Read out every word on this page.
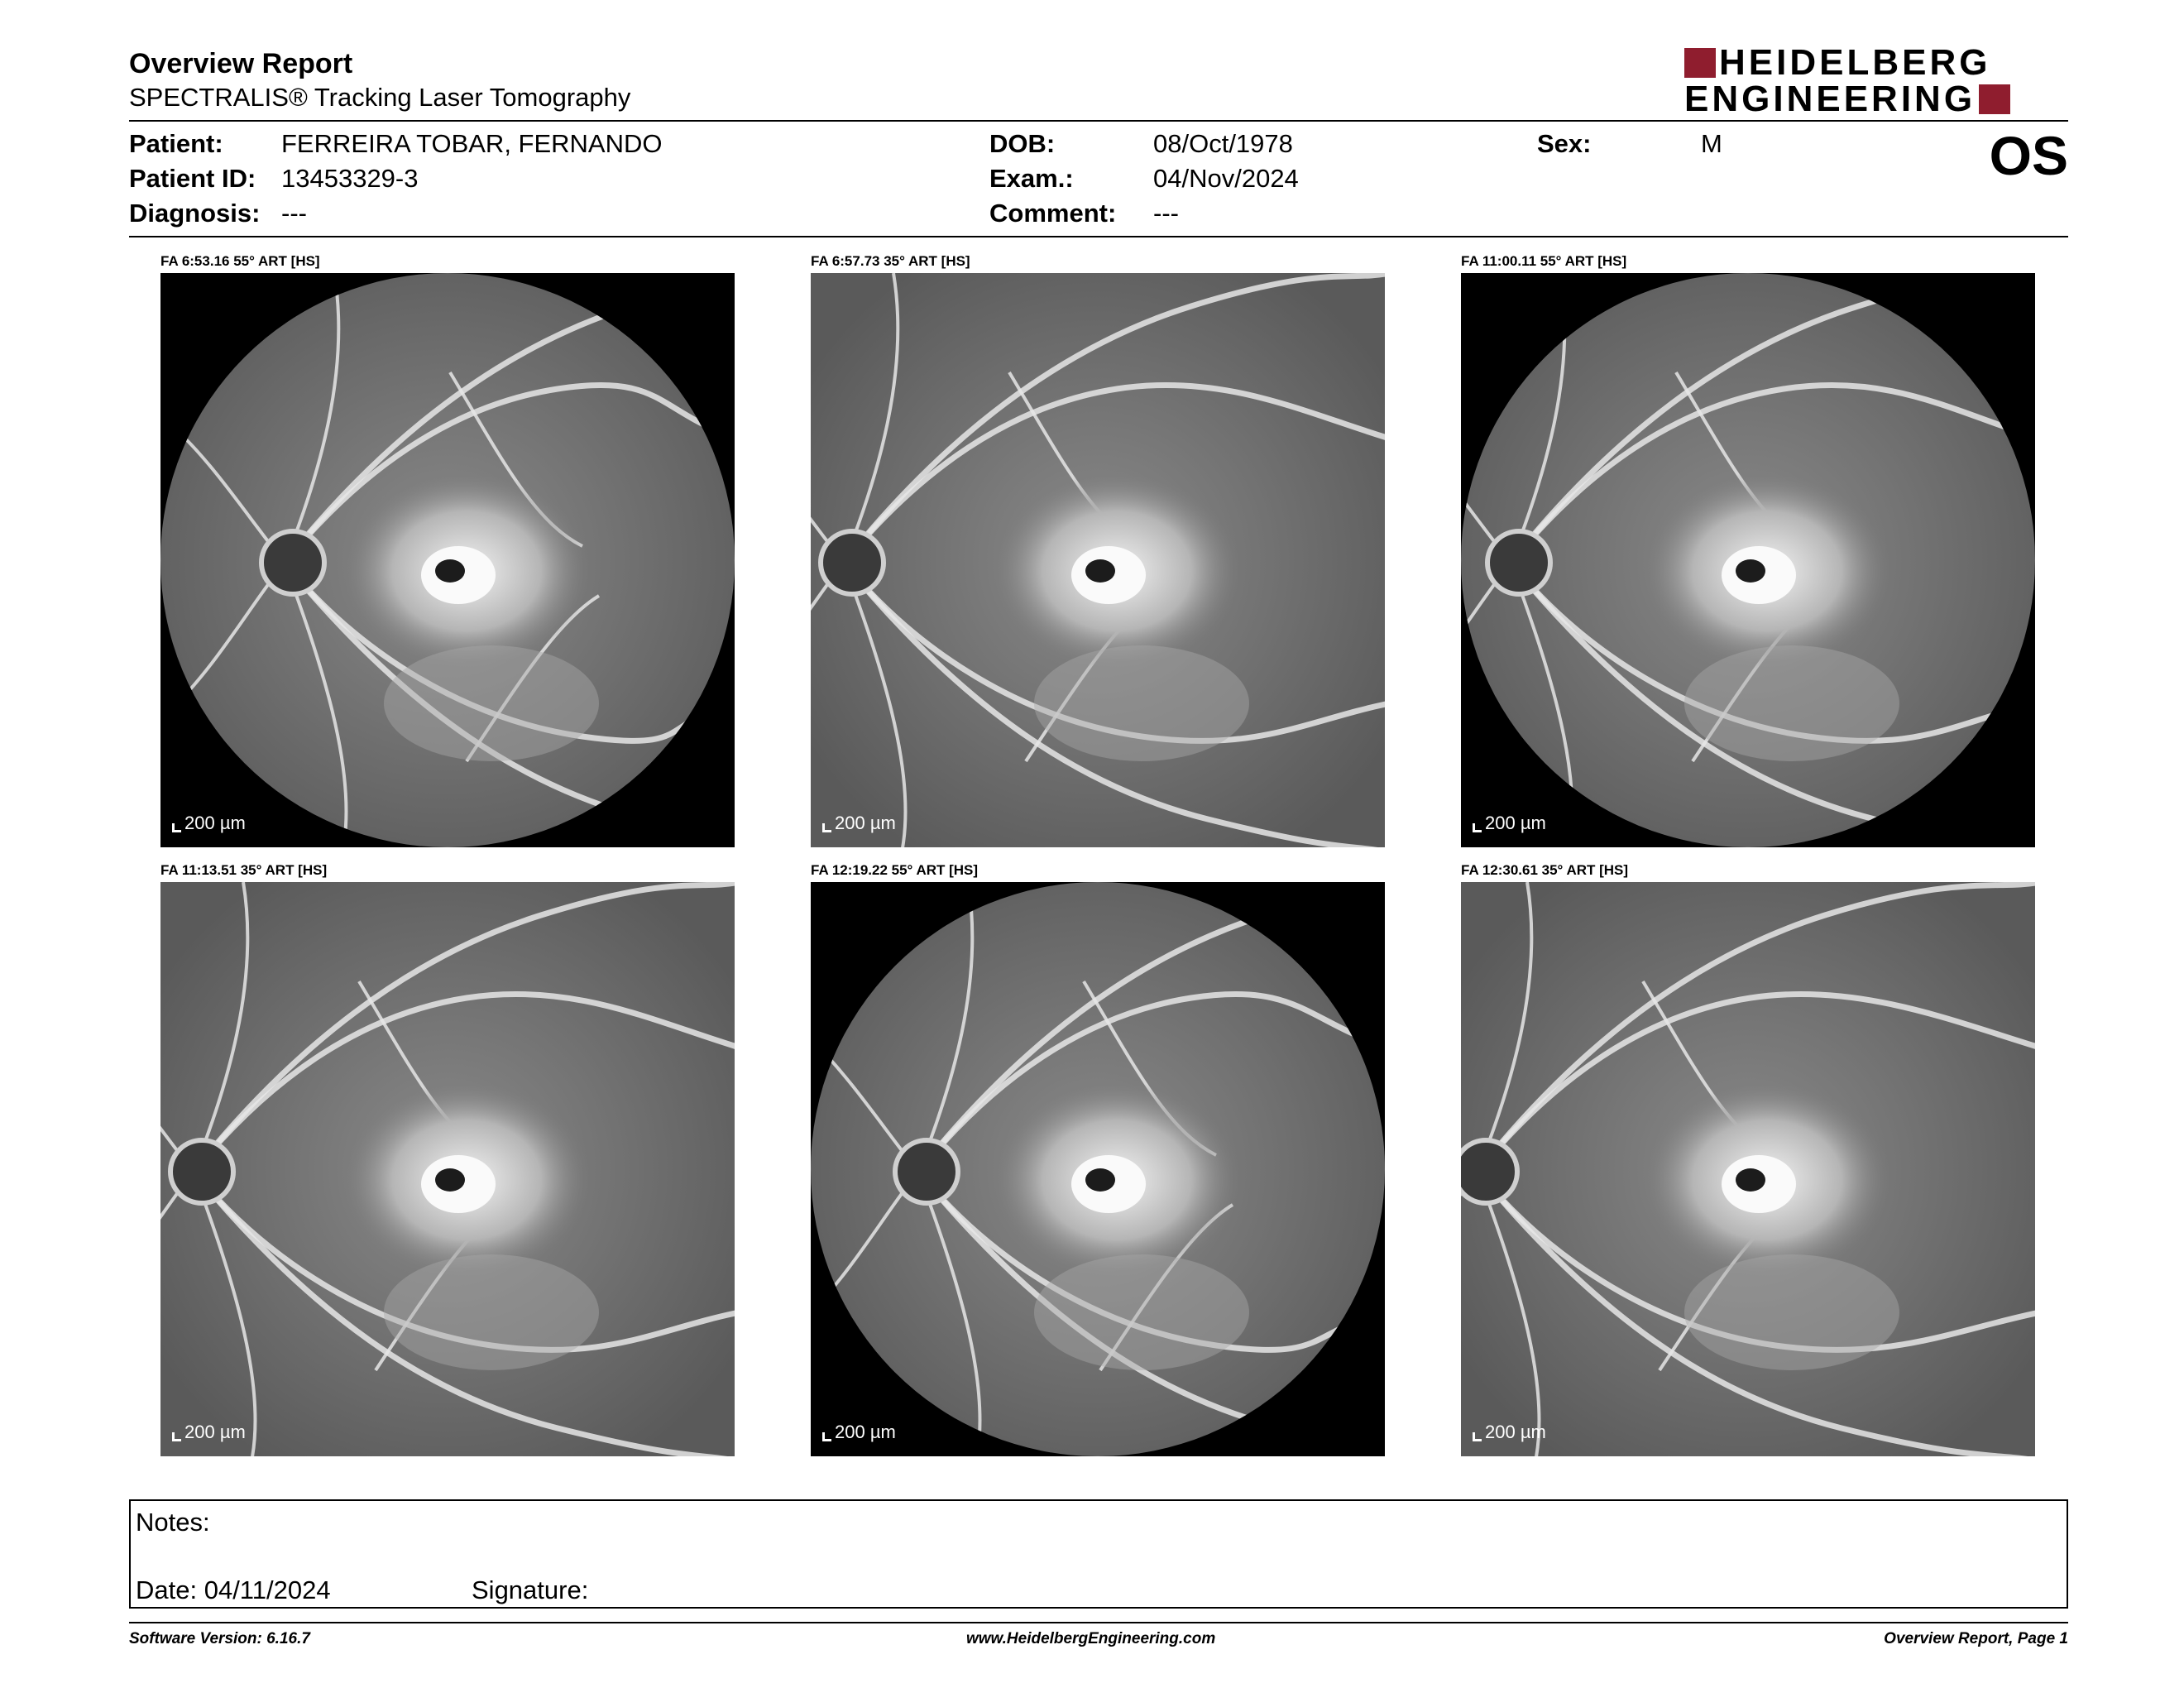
Overview Report
SPECTRALIS® Tracking Laser Tomography
HEIDELBERG
ENGINEERING
Patient: FERREIRA TOBAR, FERNANDO
Patient ID: 13453329-3
Diagnosis: ---
DOB:	08/Oct/1978
Exam.:	04/Nov/2024
Comment: ---
Sex:	M	OS
FA 6:53.16 55° ART [HS]
200 µm
FA 6:57.73 35° ART [HS]
200 µm
FA 11:00.11 55° ART [HS]
200 µm
FA 11:13.51 35° ART [HS]
200 µm
FA 12:19.22 55° ART [HS]
200 µm
FA 12:30.61 35° ART [HS]
200 µm
Notes:
Date: 04/11/2024	Signature:
Software Version: 6.16.7	www.HeidelbergEngineering.com	Overview Report, Page 1
